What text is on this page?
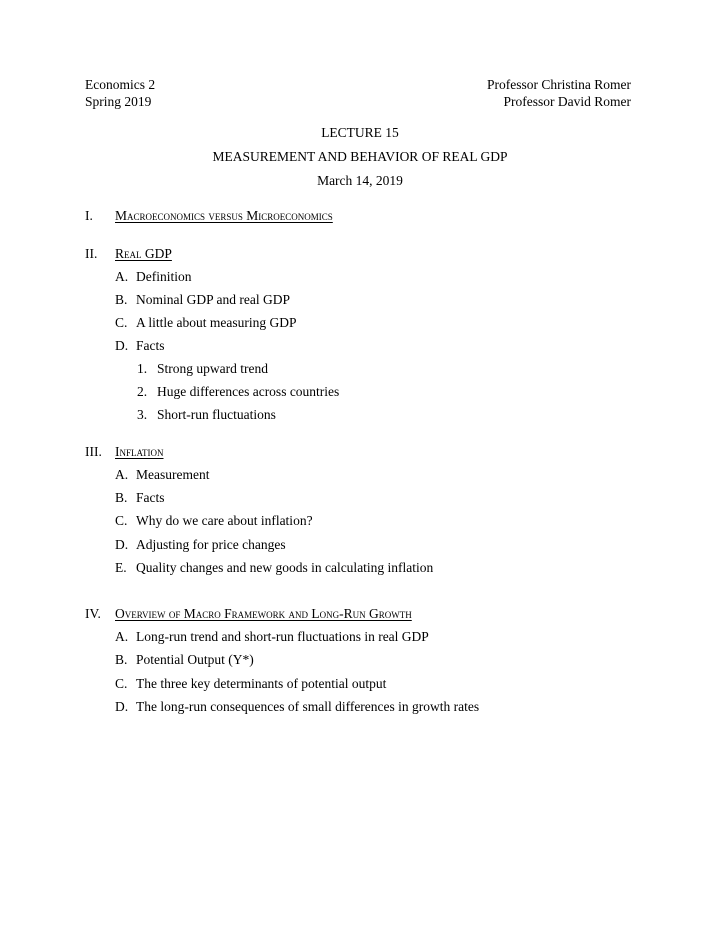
Economics 2
Spring 2019
Professor Christina Romer
Professor David Romer
LECTURE 15
MEASUREMENT AND BEHAVIOR OF REAL GDP
March 14, 2019
I. Macroeconomics versus Microeconomics
II. Real GDP
A. Definition
B. Nominal GDP and real GDP
C. A little about measuring GDP
D. Facts
1. Strong upward trend
2. Huge differences across countries
3. Short-run fluctuations
III. Inflation
A. Measurement
B. Facts
C. Why do we care about inflation?
D. Adjusting for price changes
E. Quality changes and new goods in calculating inflation
IV. Overview of Macro Framework and Long-Run Growth
A. Long-run trend and short-run fluctuations in real GDP
B. Potential Output (Y*)
C. The three key determinants of potential output
D. The long-run consequences of small differences in growth rates
